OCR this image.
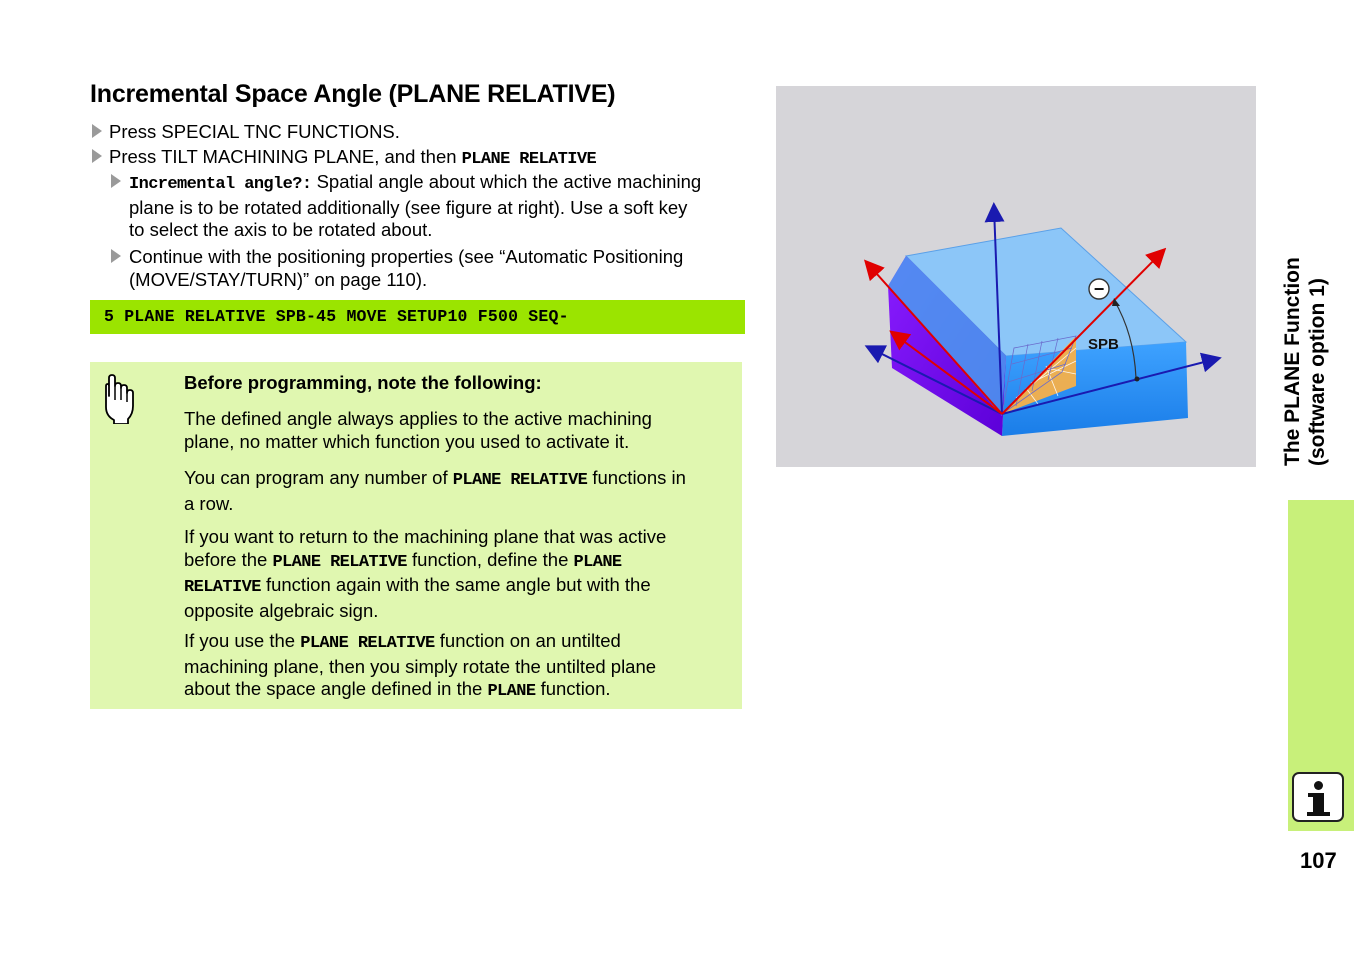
Incremental Space Angle (PLANE RELATIVE)
Press SPECIAL TNC FUNCTIONS.
Press TILT MACHINING PLANE, and then PLANE RELATIVE
Incremental angle?: Spatial angle about which the active machining
plane is to be rotated additionally (see figure at right). Use a soft key
to select the axis to be rotated about.
Continue with the positioning properties (see “Automatic Positioning
(MOVE/STAY/TURN)” on page 110).
5 PLANE RELATIVE SPB-45 MOVE SETUP10 F500 SEQ-
Before programming, note the following:
The defined angle always applies to the active machining
plane, no matter which function you used to activate it.
You can program any number of PLANE RELATIVE functions in
a row.
If you want to return to the machining plane that was active
before the PLANE RELATIVE function, define the PLANE
RELATIVE function again with the same angle but with the
opposite algebraic sign.
If you use the PLANE RELATIVE function on an untilted
machining plane, then you simply rotate the untilted plane
about the space angle defined in the PLANE function.
−
SPB	The PLANE Function (software option 1)
107
